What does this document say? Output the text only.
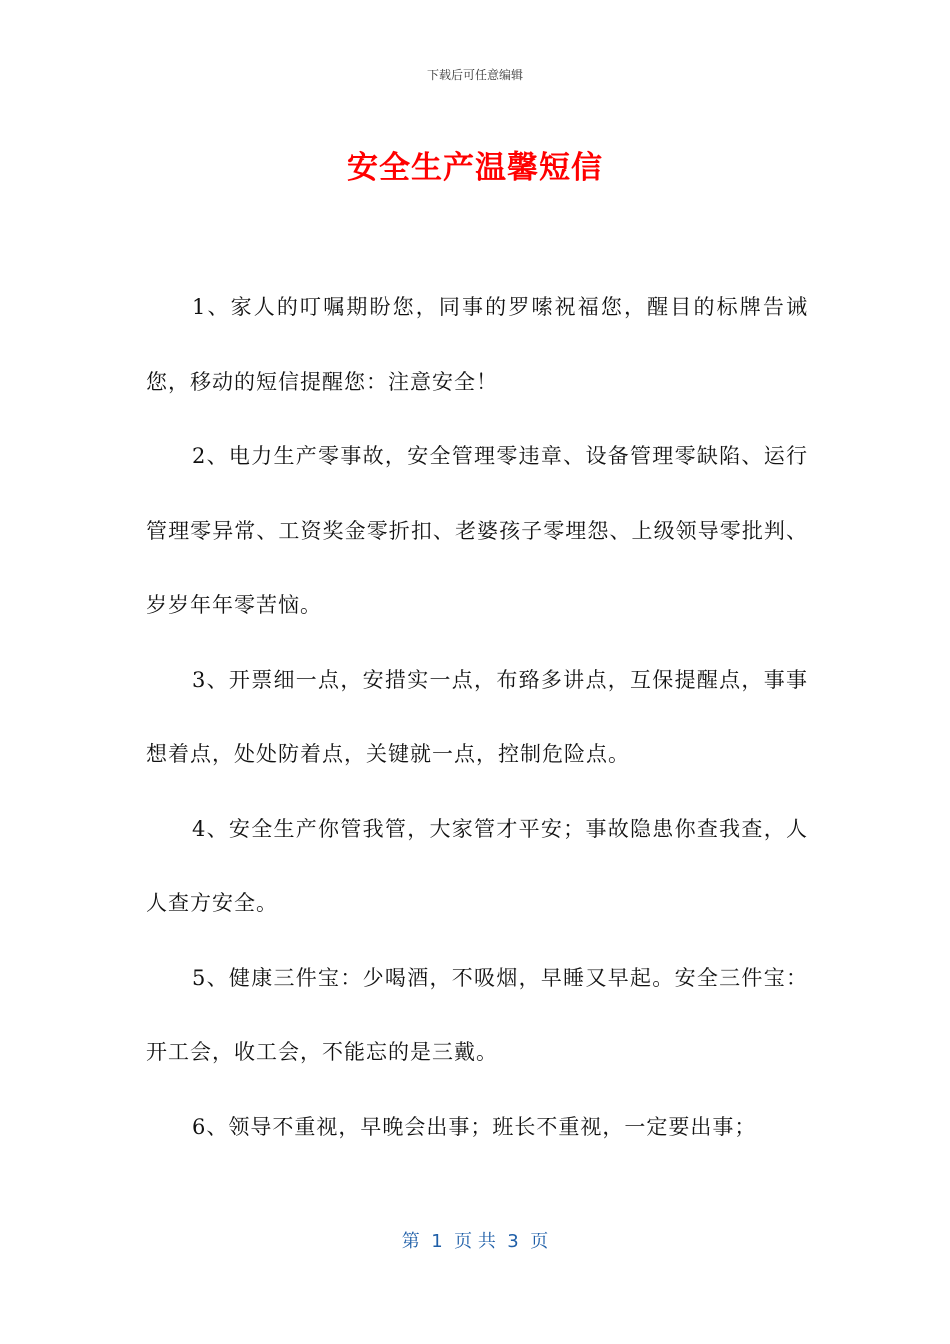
下载后可任意编辑
安全生产温馨短信

1、家人的叮嘱期盼您，同事的罗嗦祝福您，醒目的标牌告诫您，移动的短信提醒您：注意安全！

2、电力生产零事故，安全管理零违章、设备管理零缺陷、运行管理零异常、工资奖金零折扣、老婆孩子零埋怨、上级领导零批判、岁岁年年零苦恼。

3、开票细一点，安措实一点，布臵多讲点，互保提醒点，事事想着点，处处防着点，关键就一点，控制危险点。

4、安全生产你管我管，大家管才平安；事故隐患你查我查，人人查方安全。

5、健康三件宝：少喝酒，不吸烟，早睡又早起。安全三件宝：开工会，收工会，不能忘的是三戴。

6、领导不重视，早晚会出事；班长不重视，一定要出事；

第  1  页 共  3  页
